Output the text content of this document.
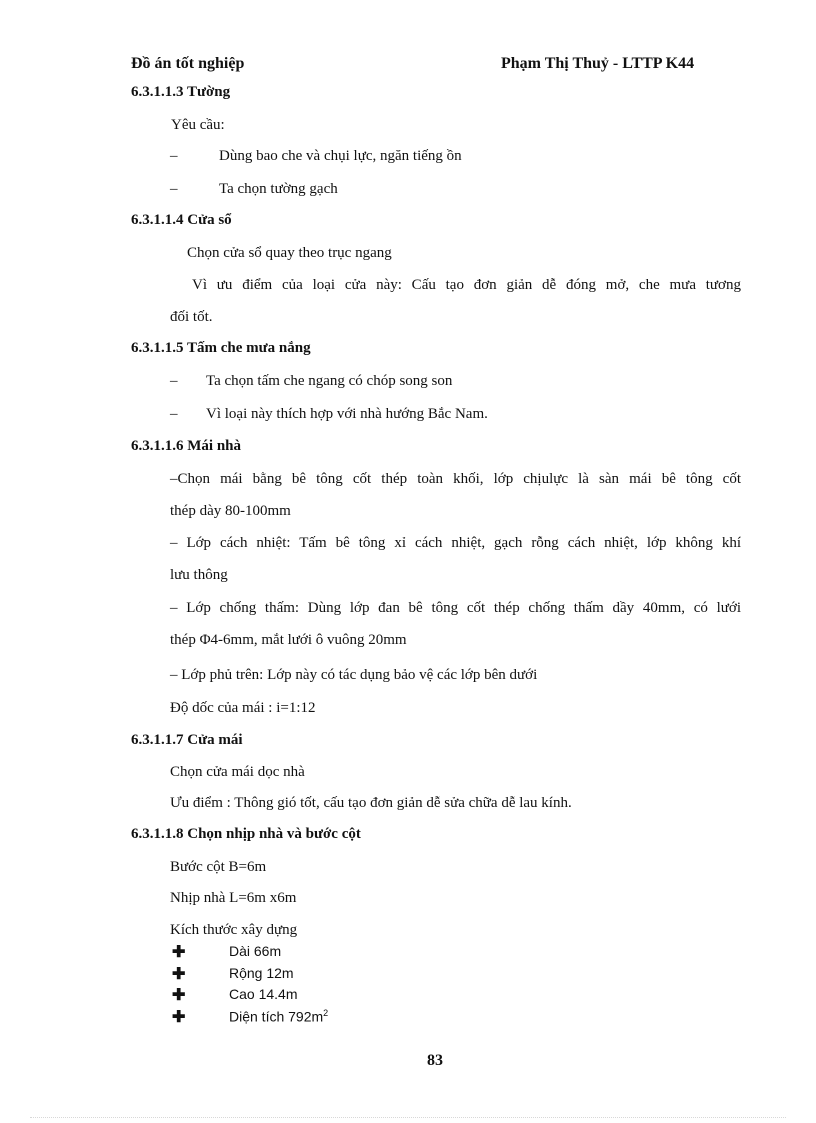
Đồ án tốt nghiệp	Phạm Thị Thuỷ - LTTP K44
6.3.1.1.3 Tường
Yêu cầu:
–	Dùng bao che và chụi lực, ngăn tiếng ồn
–	Ta chọn tường gạch
6.3.1.1.4 Cửa sổ
Chọn cửa sổ quay theo trục ngang
Vì ưu điểm của loại cửa này: Cấu tạo đơn giản dễ đóng mở, che mưa tương
đối tốt.
6.3.1.1.5 Tấm che mưa nắng
– Ta chọn tấm che ngang có chóp song son
– Vì loại này thích hợp với nhà hướng Bắc Nam.
6.3.1.1.6 Mái nhà
–Chọn mái bằng bê tông cốt thép toàn khối, lớp chịulực là sàn mái bê tông cốt
thép dày 80-100mm
– Lớp cách nhiệt: Tấm bê tông xỉ cách nhiệt, gạch rỗng cách nhiệt, lớp không khí
lưu thông
– Lớp chống thấm: Dùng lớp đan bê tông cốt thép chống thấm dầy 40mm, có lưới
thép Φ4-6mm, mắt lưới ô vuông 20mm
– Lớp phủ trên: Lớp này có tác dụng bảo vệ các lớp bên dưới
Độ dốc của mái : i=1:12
6.3.1.1.7 Cửa mái
Chọn cửa mái dọc nhà
Ưu điểm : Thông gió tốt, cấu tạo đơn giản dễ sửa chữa dễ lau kính.
6.3.1.1.8 Chọn nhịp nhà và bước cột
Bước cột B=6m
Nhịp nhà L=6m x6m
Kích thước xây dựng
✚	Dài 66m
✚	Rộng 12m
✚	Cao 14.4m
✚	Diện tích $792m^2$
83
